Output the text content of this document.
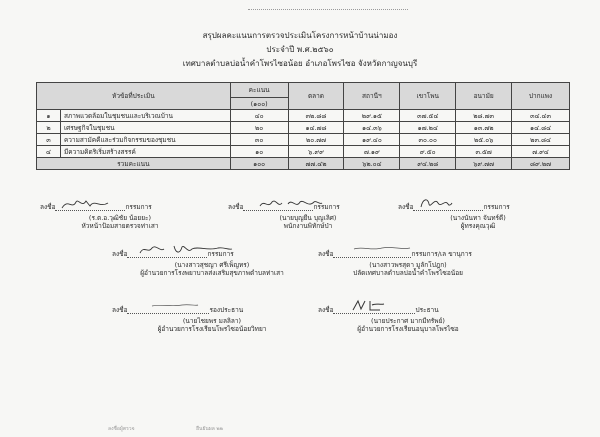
สรุปผลคะแนนการตรวจประเมินโครงการหน้าบ้านน่ามอง
ประจำปี พ.ศ.๒๕๖๐
เทศบาลตำบลบ่อน้ำคำโพรไซอน้อย อำเภอโพรไซอ จังหวัดกาญจนบุรี
หัวข้อที่ประเมิน		คะแนน	ตลาด	สถานีฯ	เขาโพน	อนามัย	ปากแพง
		(๑๐๐)					
๑	สภาพแวดล้อมในชุมชนและบริเวณบ้าน	๔๐	๓๒.๘๘	๒๙.๑๕	๓๗.๕๔	๒๘.๗๓	๓๔.๔๓
๒	เศรษฐกิจในชุมชน	๒๐	๑๔.๗๘	๑๔.๓๖	๑๗.๒๔	๑๓.๗๒	๑๔.๘๔
๓	ความสามัคคีและร่วมกิจกรรมของชุมชน	๓๐	๒๐.๗๗	๑๙.๔๐	๓๐.๐๐	๒๕.๐๖	๒๓.๘๔
๔	มีความคิดริเริ่มสร้างสรรค์	๑๐	๖.๙๙	๗.๑๙	๙.๕๐	๓.๕๗	๗.๙๔
รวมคะแนน		๑๐๐	๗๗.๔๒	๖๒.๐๔	๙๔.๒๘	๖๙.๗๗	๘๙.๒๗
ลงชื่อ	กรรมการ
(ร.ต.อ.วุฒิชัย น้อยยะ)
หัวหน้าป้อมสายตรวจท่าเสา
ลงชื่อ	กรรมการ
(นายบุญยืน บุญเลิศ)
พนักงานพิทักษ์ป่า
ลงชื่อ	กรรมการ
(นางนันทา จันทร์ดี)
ผู้ทรงคุณวุฒิ
ลงชื่อ	กรรมการ
(นางสาวสุชญา ศรีเพ็ญทร)
ผู้อำนวยการโรงพยาบาลส่งเสริมสุขภาพตำบลท่าเสา
ลงชื่อ	กรรมการ/เล ขานุการ
(นางสาวพรสุดา มูลักโปฎก)
ปลัดเทศบาลตำบลบ่อน้ำคำโพรไซอน้อย
ลงชื่อ	รองประธาน
(นายไชยพร มลลิลา)
ผู้อำนวยการโรงเรียนโพรไซอน้อยวิทยา
ลงชื่อ	ประธาน
(นายประกาศ มากมีทรัพย์)
ผู้อำนวยการโรงเรียนอนุบาลโพรไซอ
ลงชื่อผู้ตรวจ	ยืนยันผล ๒๒
